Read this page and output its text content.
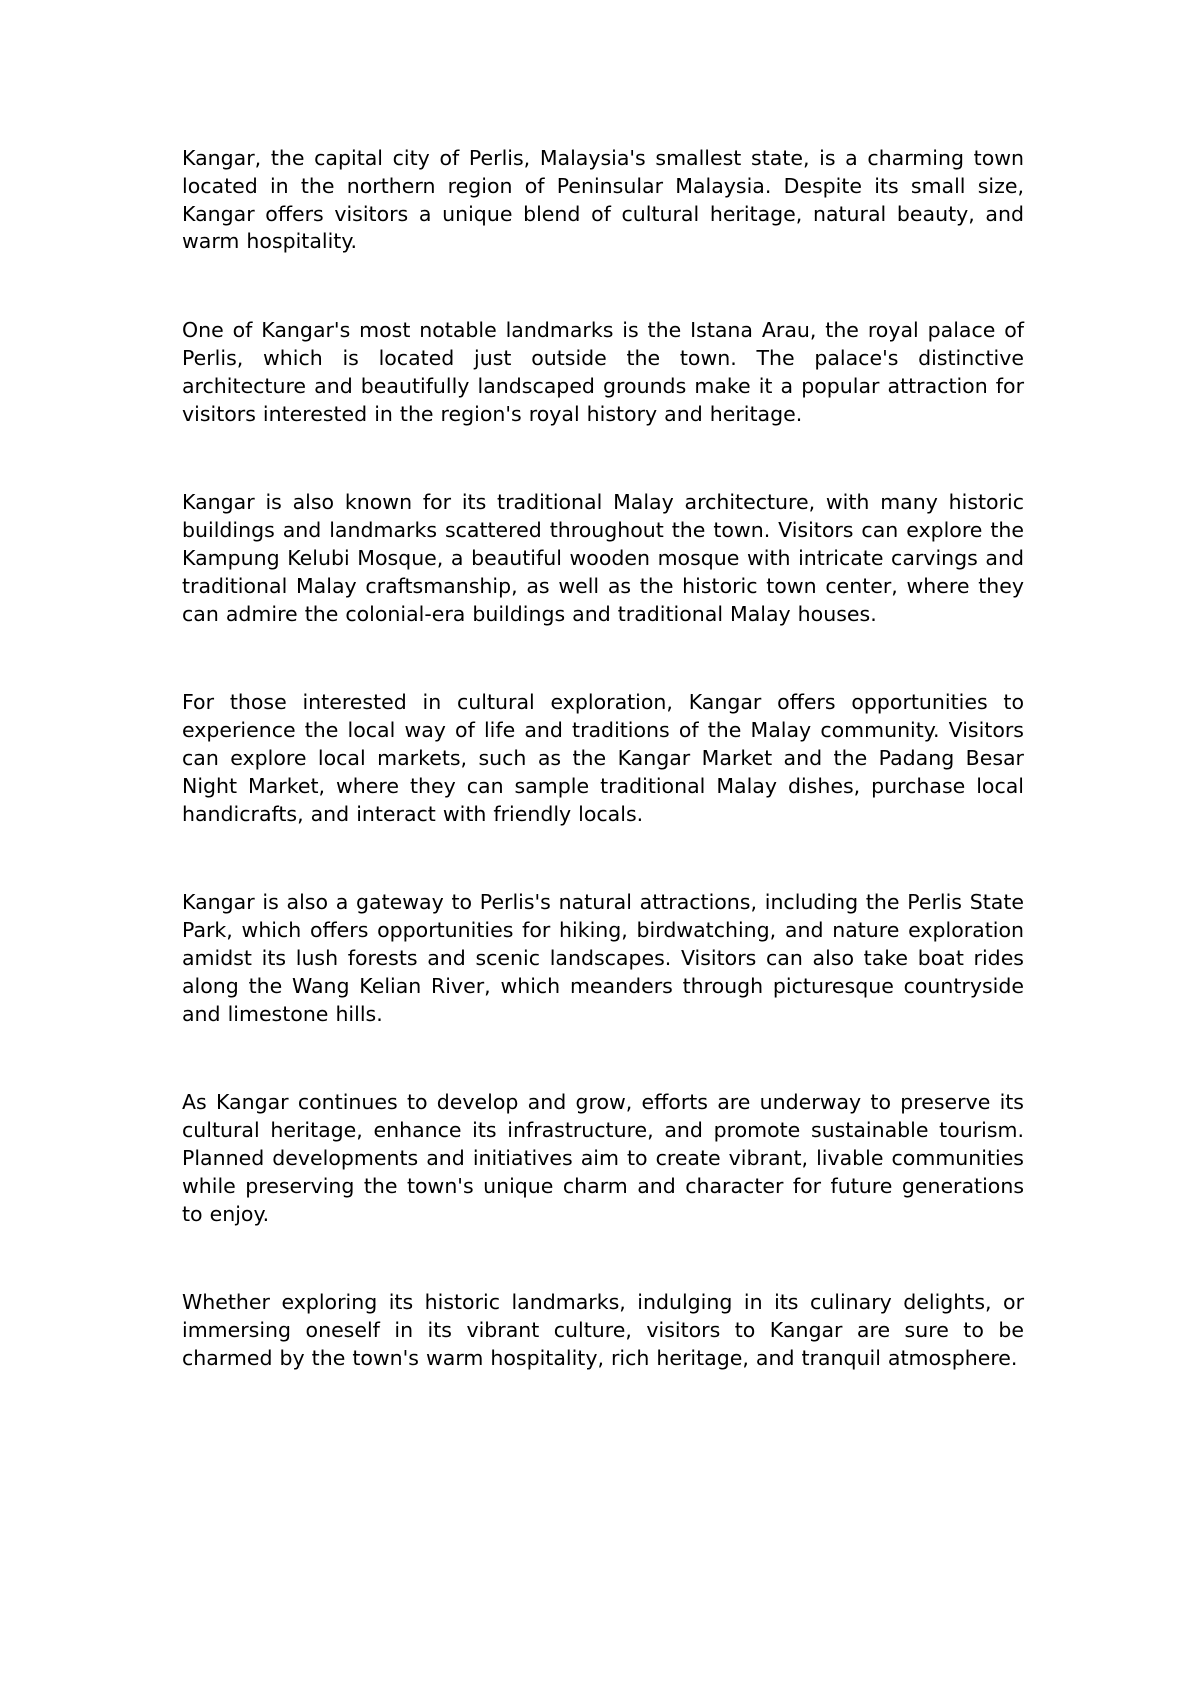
Kangar, the capital city of Perlis, Malaysia's smallest state, is a charming town located in the northern region of Peninsular Malaysia. Despite its small size, Kangar offers visitors a unique blend of cultural heritage, natural beauty, and warm hospitality.

One of Kangar's most notable landmarks is the Istana Arau, the royal palace of Perlis, which is located just outside the town. The palace's distinctive architecture and beautifully landscaped grounds make it a popular attraction for visitors interested in the region's royal history and heritage.

Kangar is also known for its traditional Malay architecture, with many historic buildings and landmarks scattered throughout the town. Visitors can explore the Kampung Kelubi Mosque, a beautiful wooden mosque with intricate carvings and traditional Malay craftsmanship, as well as the historic town center, where they can admire the colonial-era buildings and traditional Malay houses.

For those interested in cultural exploration, Kangar offers opportunities to experience the local way of life and traditions of the Malay community. Visitors can explore local markets, such as the Kangar Market and the Padang Besar Night Market, where they can sample traditional Malay dishes, purchase local handicrafts, and interact with friendly locals.

Kangar is also a gateway to Perlis's natural attractions, including the Perlis State Park, which offers opportunities for hiking, birdwatching, and nature exploration amidst its lush forests and scenic landscapes. Visitors can also take boat rides along the Wang Kelian River, which meanders through picturesque countryside and limestone hills.

As Kangar continues to develop and grow, efforts are underway to preserve its cultural heritage, enhance its infrastructure, and promote sustainable tourism. Planned developments and initiatives aim to create vibrant, livable communities while preserving the town's unique charm and character for future generations to enjoy.

Whether exploring its historic landmarks, indulging in its culinary delights, or immersing oneself in its vibrant culture, visitors to Kangar are sure to be charmed by the town's warm hospitality, rich heritage, and tranquil atmosphere.
